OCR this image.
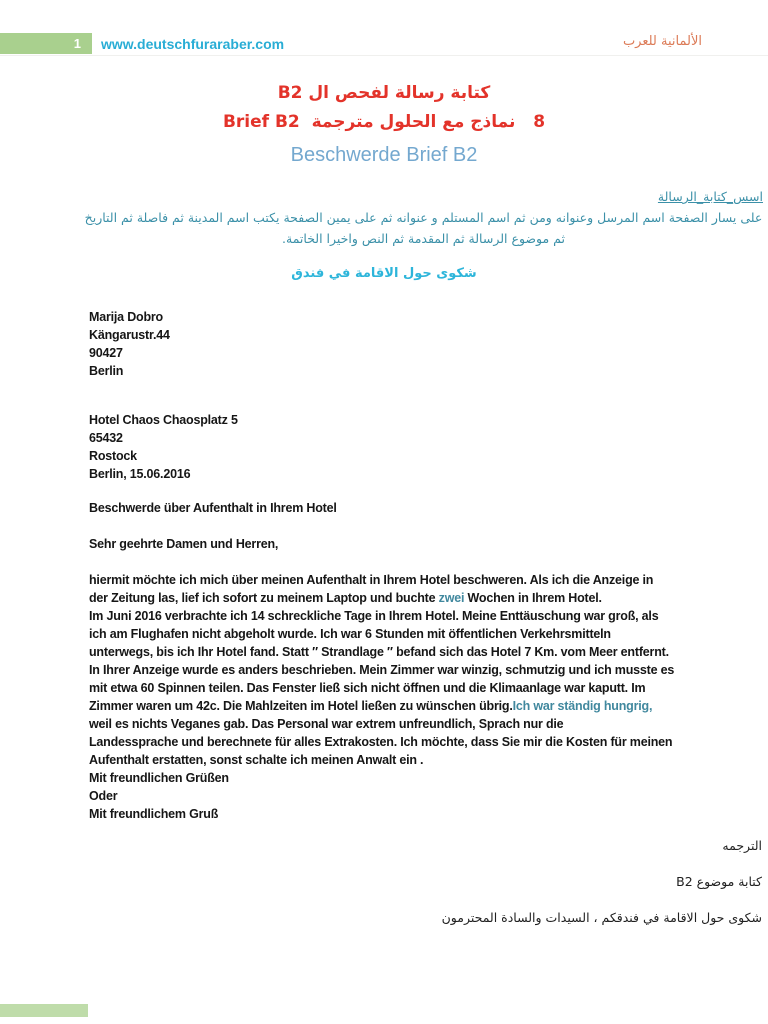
1	www.deutschfuraraber.com	الألمانية للعرب
كتابة رسالة لفحص ال B2
8   نماذج مع الحلول مترجمة  Brief B2
Beschwerde Brief B2
اسس_كتابة_الرسالة
على يسار الصفحة اسم المرسل وعنوانه ومن ثم اسم المستلم و عنوانه ثم على يمين الصفحة يكتب اسم المدينة ثم فاصلة ثم التاريخ
ثم موضوع الرسالة ثم المقدمة ثم النص واخيرا الخاتمة.
شكوى حول الاقامة في فندق
Marija Dobro
Kängarustr.44
90427
Berlin
Hotel Chaos Chaosplatz 5
65432
Rostock
Berlin, 15.06.2016
Beschwerde über Aufenthalt in Ihrem Hotel
Sehr geehrte Damen und Herren,
hiermit möchte ich mich über meinen Aufenthalt in Ihrem Hotel beschweren. Als ich die Anzeige in
der Zeitung las, lief ich sofort zu meinem Laptop und buchte zwei Wochen in Ihrem Hotel.
Im Juni 2016 verbrachte ich 14 schreckliche Tage in Ihrem Hotel. Meine Enttäuschung war groß, als
ich am Flughafen nicht abgeholt wurde. Ich war 6 Stunden mit öffentlichen Verkehrsmitteln
unterwegs, bis ich Ihr Hotel fand. Statt ″ Strandlage ″ befand sich das Hotel 7 Km. vom Meer entfernt.
In Ihrer Anzeige wurde es anders beschrieben. Mein Zimmer war winzig, schmutzig und ich musste es
mit etwa 60 Spinnen teilen. Das Fenster ließ sich nicht öffnen und die Klimaanlage war kaputt. Im
Zimmer waren um 42c. Die Mahlzeiten im Hotel ließen zu wünschen übrig.Ich war ständig hungrig,
weil es nichts Veganes gab. Das Personal war extrem unfreundlich, Sprach nur die
Landessprache und berechnete für alles Extrakosten. Ich möchte, dass Sie mir die Kosten für meinen
Aufenthalt erstatten, sonst schalte ich meinen Anwalt ein .
Mit freundlichen Grüßen
Oder
Mit freundlichem Gruß
الترجمه
كتابة موضوع B2
شكوى حول الاقامة في فندقكم ، السيدات والسادة المحترمون
